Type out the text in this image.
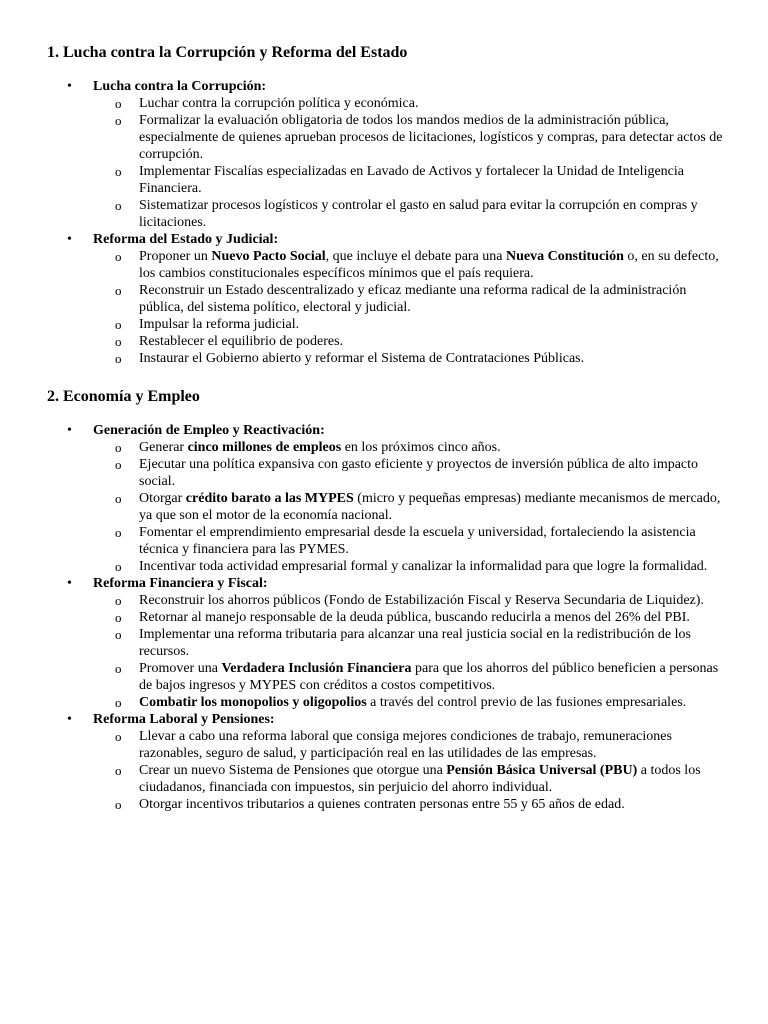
1. Lucha contra la Corrupción y Reforma del Estado
• Lucha contra la Corrupción:
o Luchar contra la corrupción política y económica.
o Formalizar la evaluación obligatoria de todos los mandos medios de la administración pública, especialmente de quienes aprueban procesos de licitaciones, logísticos y compras, para detectar actos de corrupción.
o Implementar Fiscalías especializadas en Lavado de Activos y fortalecer la Unidad de Inteligencia Financiera.
o Sistematizar procesos logísticos y controlar el gasto en salud para evitar la corrupción en compras y licitaciones.
• Reforma del Estado y Judicial:
o Proponer un Nuevo Pacto Social, que incluye el debate para una Nueva Constitución o, en su defecto, los cambios constitucionales específicos mínimos que el país requiera.
o Reconstruir un Estado descentralizado y eficaz mediante una reforma radical de la administración pública, del sistema político, electoral y judicial.
o Impulsar la reforma judicial.
o Restablecer el equilibrio de poderes.
o Instaurar el Gobierno abierto y reformar el Sistema de Contrataciones Públicas.
2. Economía y Empleo
• Generación de Empleo y Reactivación:
o Generar cinco millones de empleos en los próximos cinco años.
o Ejecutar una política expansiva con gasto eficiente y proyectos de inversión pública de alto impacto social.
o Otorgar crédito barato a las MYPES (micro y pequeñas empresas) mediante mecanismos de mercado, ya que son el motor de la economía nacional.
o Fomentar el emprendimiento empresarial desde la escuela y universidad, fortaleciendo la asistencia técnica y financiera para las PYMES.
o Incentivar toda actividad empresarial formal y canalizar la informalidad para que logre la formalidad.
• Reforma Financiera y Fiscal:
o Reconstruir los ahorros públicos (Fondo de Estabilización Fiscal y Reserva Secundaria de Liquidez).
o Retornar al manejo responsable de la deuda pública, buscando reducirla a menos del 26% del PBI.
o Implementar una reforma tributaria para alcanzar una real justicia social en la redistribución de los recursos.
o Promover una Verdadera Inclusión Financiera para que los ahorros del público beneficien a personas de bajos ingresos y MYPES con créditos a costos competitivos.
o Combatir los monopolios y oligopolios a través del control previo de las fusiones empresariales.
• Reforma Laboral y Pensiones:
o Llevar a cabo una reforma laboral que consiga mejores condiciones de trabajo, remuneraciones razonables, seguro de salud, y participación real en las utilidades de las empresas.
o Crear un nuevo Sistema de Pensiones que otorgue una Pensión Básica Universal (PBU) a todos los ciudadanos, financiada con impuestos, sin perjuicio del ahorro individual.
o Otorgar incentivos tributarios a quienes contraten personas entre 55 y 65 años de edad.
